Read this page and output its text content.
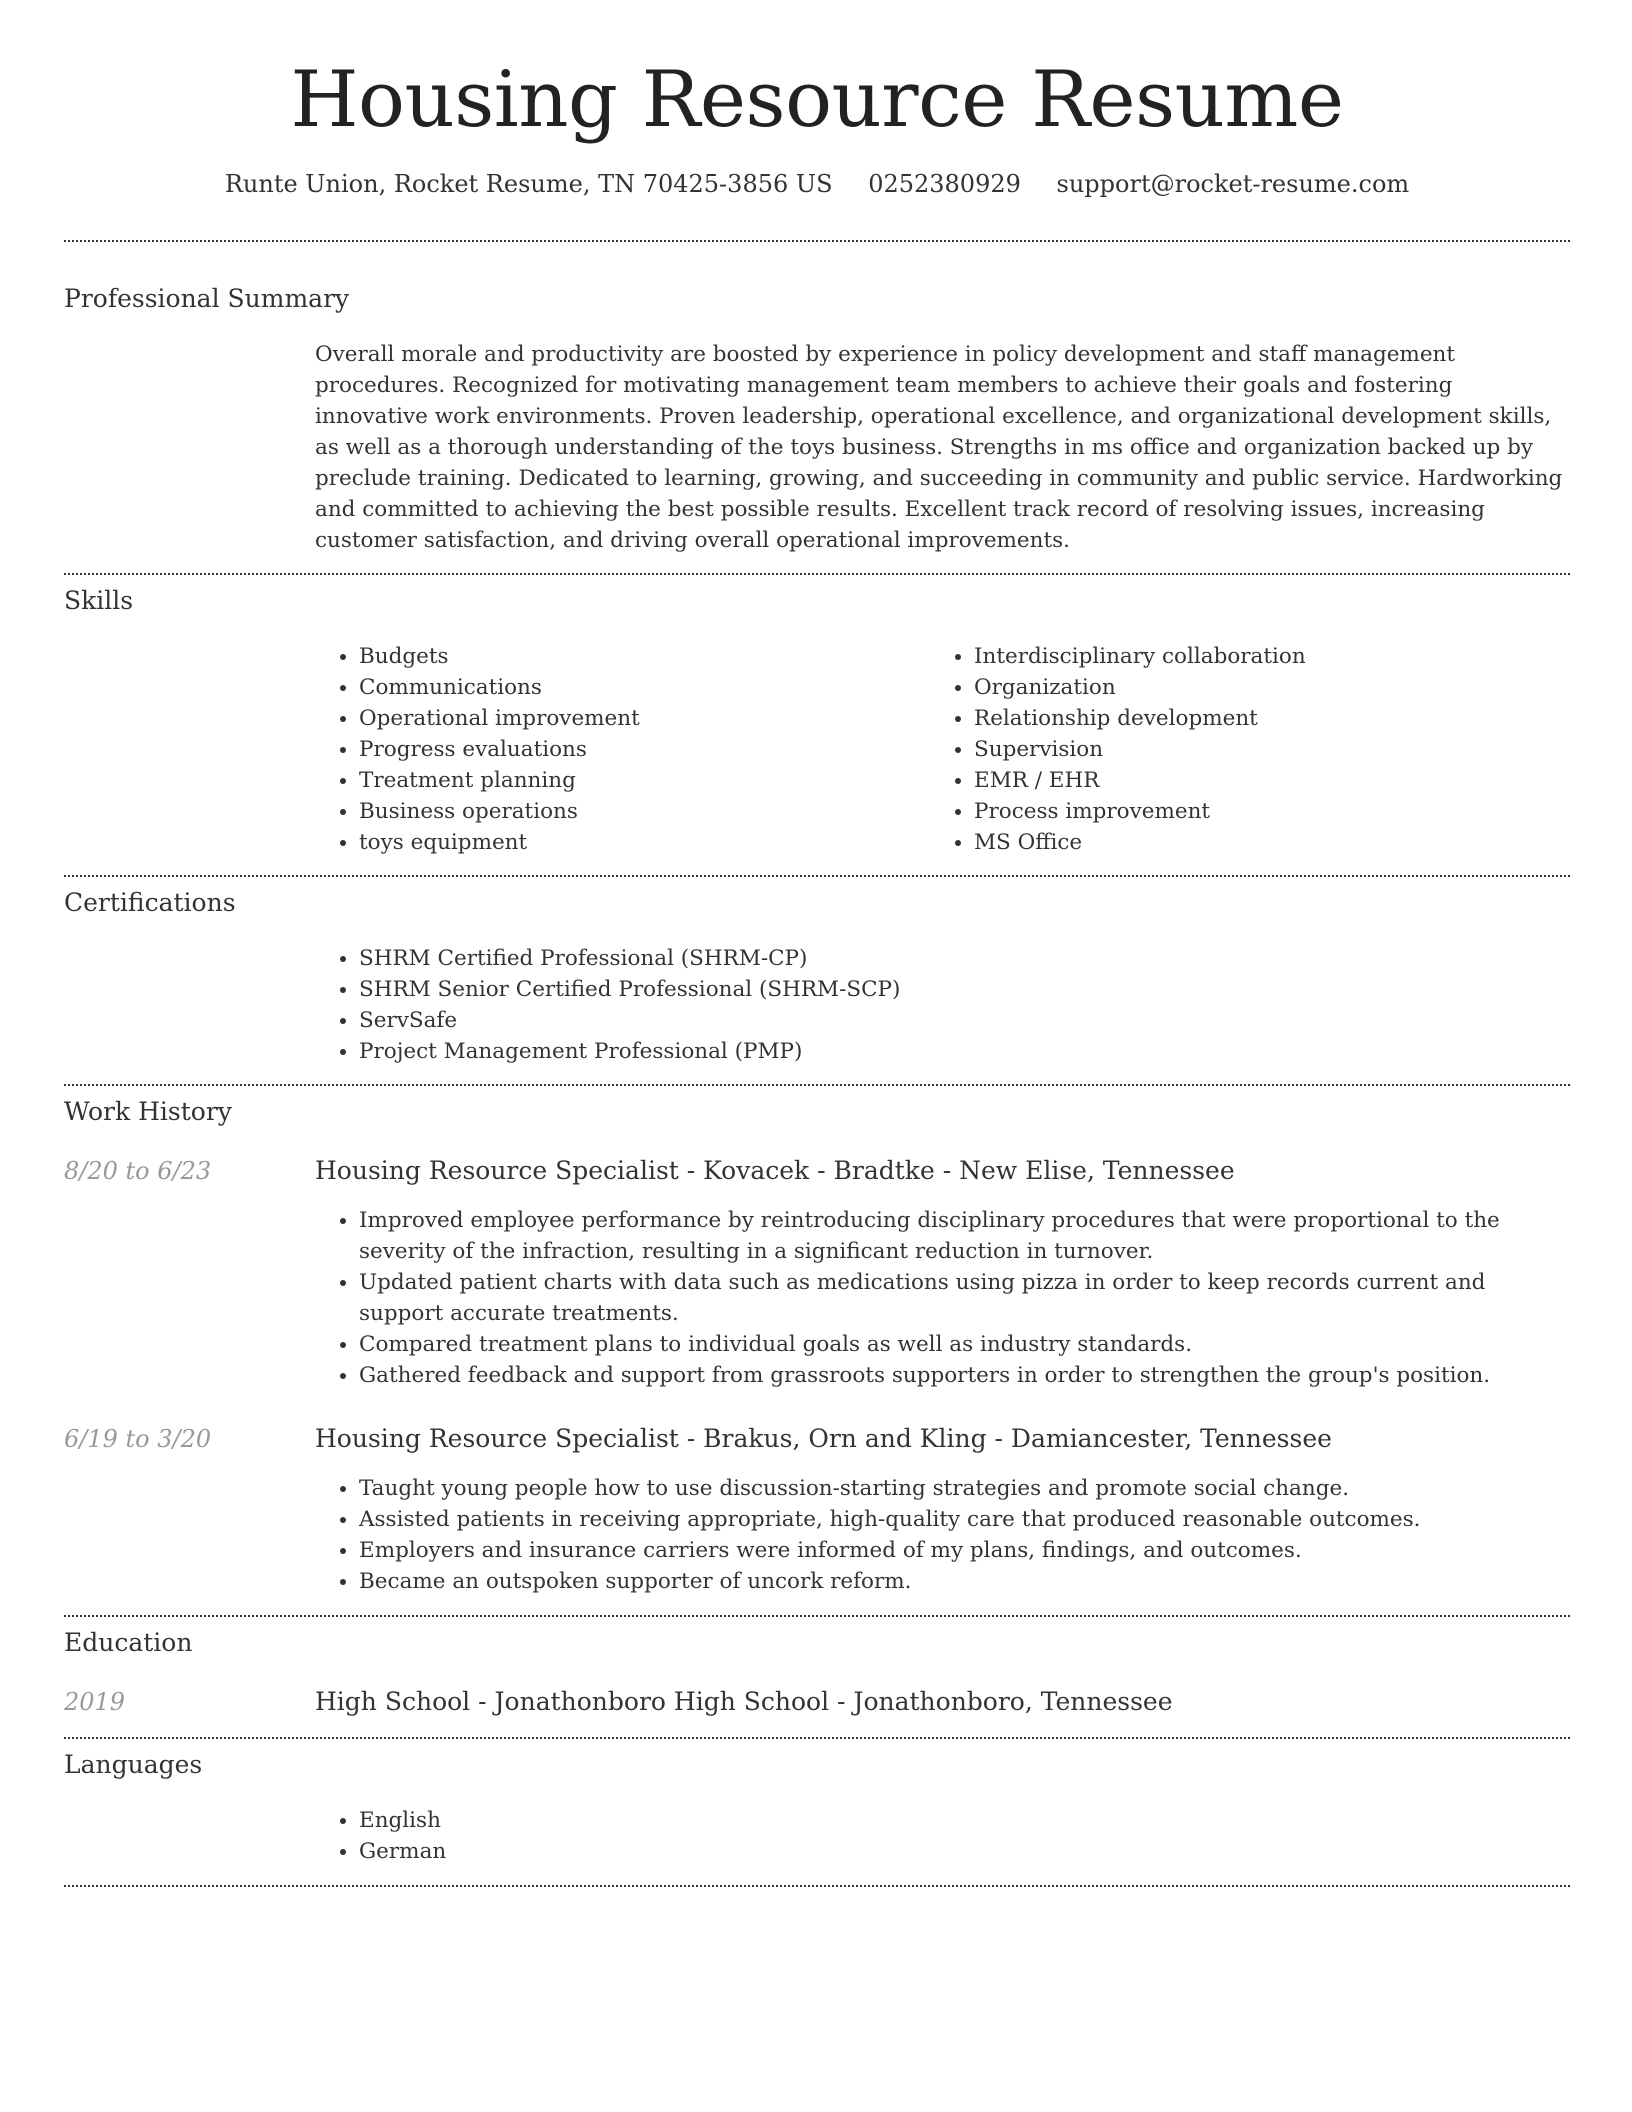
Housing Resource Resume
Runte Union, Rocket Resume, TN 70425-3856 US 0252380929 support@rocket-resume.com
Professional Summary
Overall morale and productivity are boosted by experience in policy development and staff management procedures. Recognized for motivating management team members to achieve their goals and fostering innovative work environments. Proven leadership, operational excellence, and organizational development skills, as well as a thorough understanding of the toys business. Strengths in ms office and organization backed up by preclude training. Dedicated to learning, growing, and succeeding in community and public service. Hardworking and committed to achieving the best possible results. Excellent track record of resolving issues, increasing customer satisfaction, and driving overall operational improvements.
Skills
• Budgets
• Communications
• Operational improvement
• Progress evaluations
• Treatment planning
• Business operations
• toys equipment
• Interdisciplinary collaboration
• Organization
• Relationship development
• Supervision
• EMR / EHR
• Process improvement
• MS Office
Certifications
• SHRM Certified Professional (SHRM-CP)
• SHRM Senior Certified Professional (SHRM-SCP)
• ServSafe
• Project Management Professional (PMP)
Work History
8/20 to 6/23	Housing Resource Specialist - Kovacek - Bradtke - New Elise, Tennessee
• Improved employee performance by reintroducing disciplinary procedures that were proportional to the severity of the infraction, resulting in a significant reduction in turnover.
• Updated patient charts with data such as medications using pizza in order to keep records current and support accurate treatments.
• Compared treatment plans to individual goals as well as industry standards.
• Gathered feedback and support from grassroots supporters in order to strengthen the group's position.
6/19 to 3/20	Housing Resource Specialist - Brakus, Orn and Kling - Damiancester, Tennessee
• Taught young people how to use discussion-starting strategies and promote social change.
• Assisted patients in receiving appropriate, high-quality care that produced reasonable outcomes.
• Employers and insurance carriers were informed of my plans, findings, and outcomes.
• Became an outspoken supporter of uncork reform.
Education
2019	High School - Jonathonboro High School - Jonathonboro, Tennessee
Languages
• English
• German
